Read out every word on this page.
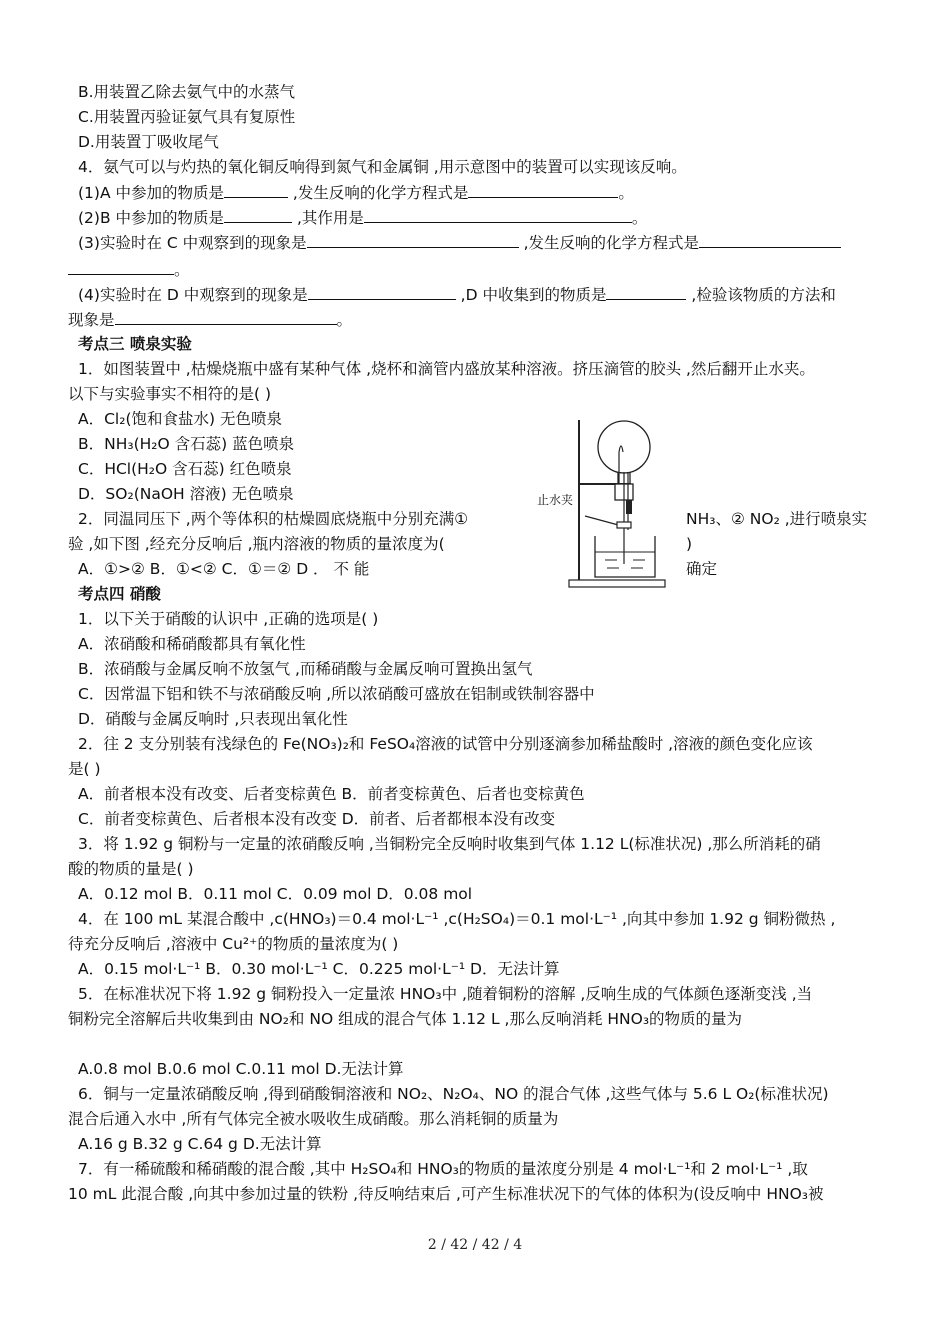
B.用装置乙除去氨气中的水蒸气
C.用装置丙验证氨气具有复原性
D.用装置丁吸收尾气
4．氨气可以与灼热的氧化铜反响得到氮气和金属铜 ,用示意图中的装置可以实现该反响。
(1)A 中参加的物质是	,发生反响的化学方程式是	。
(2)B 中参加的物质是	,其作用是	。
(3)实验时在 C 中观察到的现象是	,发生反响的化学方程式是
。
(4)实验时在 D 中观察到的现象是	,D 中收集到的物质是	,检验该物质的方法和
现象是	。
考点三 喷泉实验
1．如图装置中 ,枯燥烧瓶中盛有某种气体 ,烧杯和滴管内盛放某种溶液。挤压滴管的胶头 ,然后翻开止水夹。
以下与实验事实不相符的是( )
A．Cl₂(饱和食盐水) 无色喷泉
B．NH₃(H₂O 含石蕊) 蓝色喷泉
C．HCl(H₂O 含石蕊) 红色喷泉
D．SO₂(NaOH 溶液) 无色喷泉
2．同温同压下 ,两个等体积的枯燥圆底烧瓶中分别充满①	NH₃、② NO₂ ,进行喷泉实
验 ,如下图 ,经充分反响后 ,瓶内溶液的物质的量浓度为(	)
A．①>② B．①<② C．①＝② D ． 不 能	确定
止水夹
考点四 硝酸
1．以下关于硝酸的认识中 ,正确的选项是( )
A．浓硝酸和稀硝酸都具有氧化性
B．浓硝酸与金属反响不放氢气 ,而稀硝酸与金属反响可置换出氢气
C．因常温下铝和铁不与浓硝酸反响 ,所以浓硝酸可盛放在铝制或铁制容器中
D．硝酸与金属反响时 ,只表现出氧化性
2．往 2 支分别装有浅绿色的 Fe(NO₃)₂和 FeSO₄溶液的试管中分别逐滴参加稀盐酸时 ,溶液的颜色变化应该
是( )
A．前者根本没有改变、后者变棕黄色 B．前者变棕黄色、后者也变棕黄色
C．前者变棕黄色、后者根本没有改变 D．前者、后者都根本没有改变
3．将 1.92 g 铜粉与一定量的浓硝酸反响 ,当铜粉完全反响时收集到气体 1.12 L(标准状况) ,那么所消耗的硝
酸的物质的量是( )
A．0.12 mol B．0.11 mol C．0.09 mol D．0.08 mol
4．在 100 mL 某混合酸中 ,c(HNO₃)＝0.4 mol·L⁻¹ ,c(H₂SO₄)＝0.1 mol·L⁻¹ ,向其中参加 1.92 g 铜粉微热 ,
待充分反响后 ,溶液中 Cu²⁺的物质的量浓度为( )
A．0.15 mol·L⁻¹ B．0.30 mol·L⁻¹ C．0.225 mol·L⁻¹ D．无法计算
5．在标准状况下将 1.92 g 铜粉投入一定量浓 HNO₃中 ,随着铜粉的溶解 ,反响生成的气体颜色逐渐变浅 ,当
铜粉完全溶解后共收集到由 NO₂和 NO 组成的混合气体 1.12 L ,那么反响消耗 HNO₃的物质的量为
A.0.8 mol B.0.6 mol C.0.11 mol D.无法计算
6．铜与一定量浓硝酸反响 ,得到硝酸铜溶液和 NO₂、N₂O₄、NO 的混合气体 ,这些气体与 5.6 L O₂(标准状况)
混合后通入水中 ,所有气体完全被水吸收生成硝酸。那么消耗铜的质量为
A.16 g B.32 g C.64 g D.无法计算
7．有一稀硫酸和稀硝酸的混合酸 ,其中 H₂SO₄和 HNO₃的物质的量浓度分别是 4 mol·L⁻¹和 2 mol·L⁻¹ ,取
10 mL 此混合酸 ,向其中参加过量的铁粉 ,待反响结束后 ,可产生标准状况下的气体的体积为(设反响中 HNO₃被
2 / 42 / 42 / 4
